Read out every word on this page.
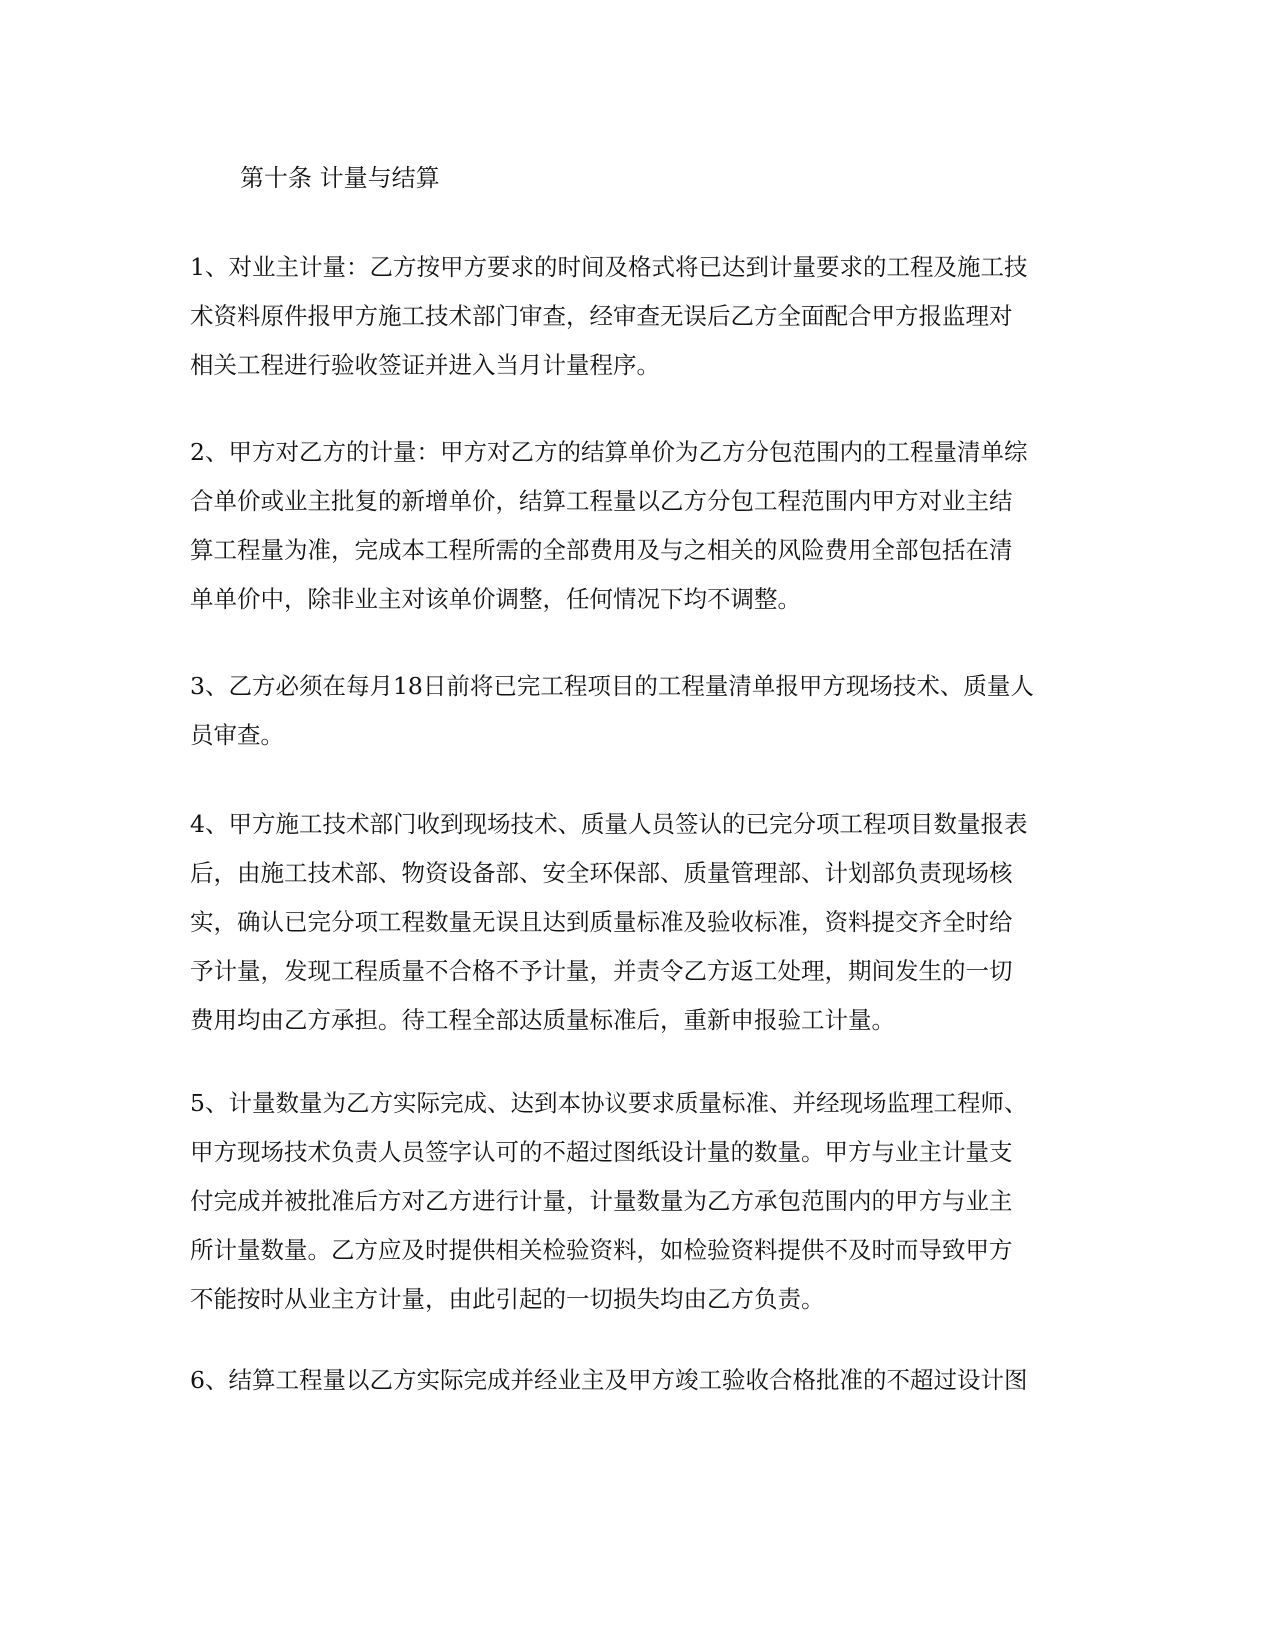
第十条 计量与结算

1、对业主计量：乙方按甲方要求的时间及格式将已达到计量要求的工程及施工技
术资料原件报甲方施工技术部门审查，经审查无误后乙方全面配合甲方报监理对
相关工程进行验收签证并进入当月计量程序。
2、甲方对乙方的计量：甲方对乙方的结算单价为乙方分包范围内的工程量清单综
合单价或业主批复的新增单价，结算工程量以乙方分包工程范围内甲方对业主结
算工程量为准，完成本工程所需的全部费用及与之相关的风险费用全部包括在清
单单价中，除非业主对该单价调整，任何情况下均不调整。
3、乙方必须在每月18日前将已完工程项目的工程量清单报甲方现场技术、质量人
员审查。
4、甲方施工技术部门收到现场技术、质量人员签认的已完分项工程项目数量报表
后，由施工技术部、物资设备部、安全环保部、质量管理部、计划部负责现场核
实，确认已完分项工程数量无误且达到质量标准及验收标准，资料提交齐全时给
予计量，发现工程质量不合格不予计量，并责令乙方返工处理，期间发生的一切
费用均由乙方承担。待工程全部达质量标准后，重新申报验工计量。
5、计量数量为乙方实际完成、达到本协议要求质量标准、并经现场监理工程师、
甲方现场技术负责人员签字认可的不超过图纸设计量的数量。甲方与业主计量支
付完成并被批准后方对乙方进行计量，计量数量为乙方承包范围内的甲方与业主
所计量数量。乙方应及时提供相关检验资料，如检验资料提供不及时而导致甲方
不能按时从业主方计量，由此引起的一切损失均由乙方负责。
6、结算工程量以乙方实际完成并经业主及甲方竣工验收合格批准的不超过设计图
